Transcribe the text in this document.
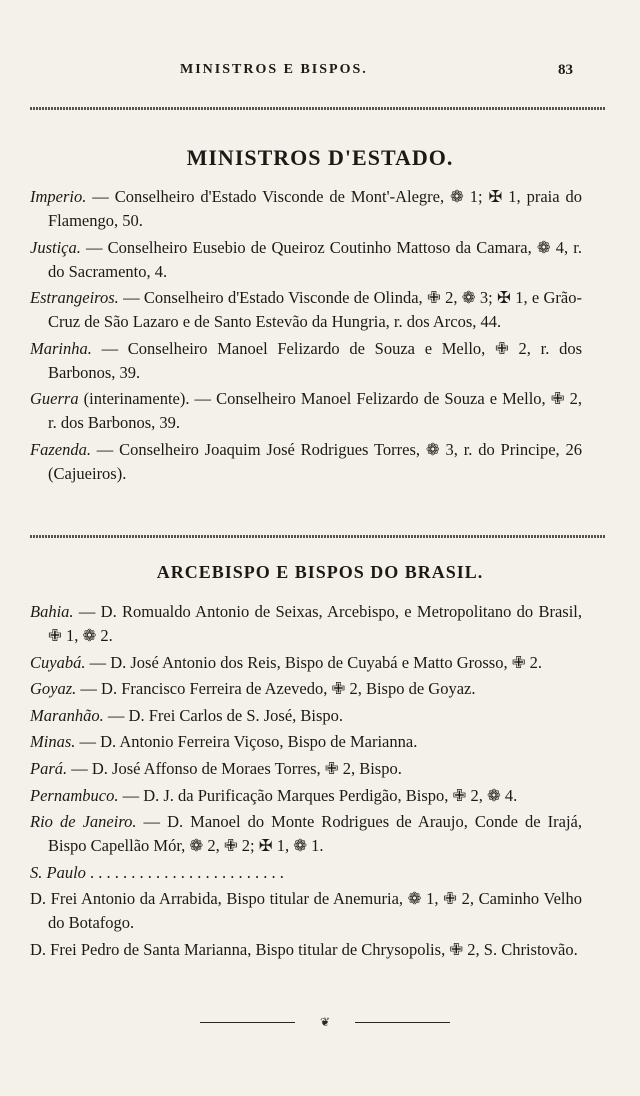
MINISTROS E BISPOS.	83
MINISTROS D'ESTADO.

Imperio. — Conselheiro d'Estado Visconde de Mont'-Alegre, ❁ 1; ✠ 1, praia do Flamengo, 50.

Justiça. — Conselheiro Eusebio de Queiroz Coutinho Mattoso da Camara, ❁ 4, r. do Sacramento, 4.

Estrangeiros. — Conselheiro d'Estado Visconde de Olinda, ✙ 2, ❁ 3; ✠ 1, e Grão-Cruz de São Lazaro e de Santo Estevão da Hungria, r. dos Arcos, 44.

Marinha. — Conselheiro Manoel Felizardo de Souza e Mello, ✙ 2, r. dos Barbonos, 39.

Guerra (interinamente). — Conselheiro Manoel Felizardo de Souza e Mello, ✙ 2, r. dos Barbonos, 39.

Fazenda. — Conselheiro Joaquim José Rodrigues Torres, ❁ 3, r. do Principe, 26 (Cajueiros).

ARCEBISPO E BISPOS DO BRASIL.

Bahia. — D. Romualdo Antonio de Seixas, Arcebispo, e Metropolitano do Brasil, ✙ 1, ❁ 2.

Cuyabá. — D. José Antonio dos Reis, Bispo de Cuyabá e Matto Grosso, ✙ 2.

Goyaz. — D. Francisco Ferreira de Azevedo, ✙ 2, Bispo de Goyaz.

Maranhão. — D. Frei Carlos de S. José, Bispo.

Minas. — D. Antonio Ferreira Viçoso, Bispo de Marianna.

Pará. — D. José Affonso de Moraes Torres, ✙ 2, Bispo.

Pernambuco. — D. J. da Purificação Marques Perdigão, Bispo, ✙ 2, ❁ 4.

Rio de Janeiro. — D. Manoel do Monte Rodrigues de Araujo, Conde de Irajá, Bispo Capellão Mór, ❁ 2, ✙ 2; ✠ 1, ❁ 1.

S. Paulo . . . . . . . . . . . . . . . . . . . . . . . .

D. Frei Antonio da Arrabida, Bispo titular de Anemuria, ❁ 1, ✙ 2, Caminho Velho do Botafogo.

D. Frei Pedro de Santa Marianna, Bispo titular de Chrysopolis, ✙ 2, S. Christovão.

❦
